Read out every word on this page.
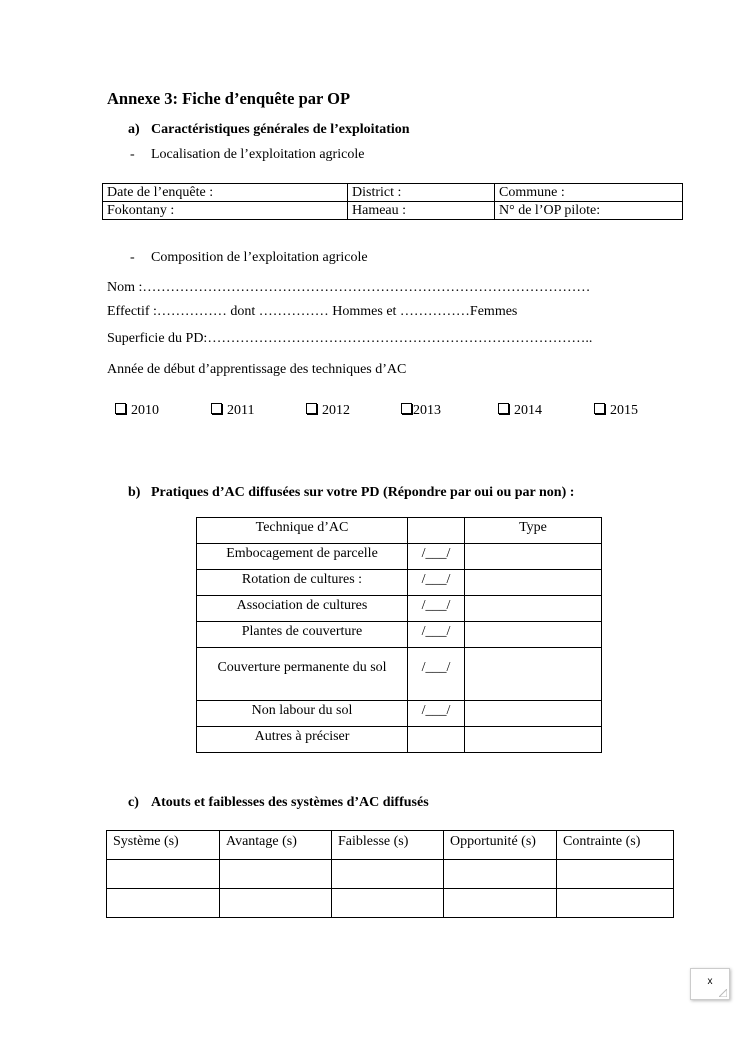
Annexe 3: Fiche d’enquête par OP
a) Caractéristiques générales de l’exploitation
- Localisation de l’exploitation agricole
Date de l’enquête :	District :	Commune :
Fokontany :	Hameau :	N° de l’OP pilote:
- Composition de l’exploitation agricole
Nom :……………………………………………………………………………………
Effectif :…………… dont …………… Hommes et ……………Femmes
Superficie du PD:………………………………………………………………………..
Année de début d’apprentissage des techniques d’AC
2010	2011	2012	2013	2014	2015
b) Pratiques d’AC diffusées sur votre PD (Répondre par oui ou par non) :
Technique d’AC		Type
Embocagement de parcelle	/___/	
Rotation de cultures :	/___/	
Association de cultures	/___/	
Plantes de couverture	/___/	
Couverture permanente du sol	/___/	
Non labour du sol	/___/	
Autres à préciser		
c) Atouts et faiblesses des systèmes d’AC diffusés
Système (s)	Avantage (s)	Faiblesse (s)	Opportunité (s)	Contrainte (s)

x
